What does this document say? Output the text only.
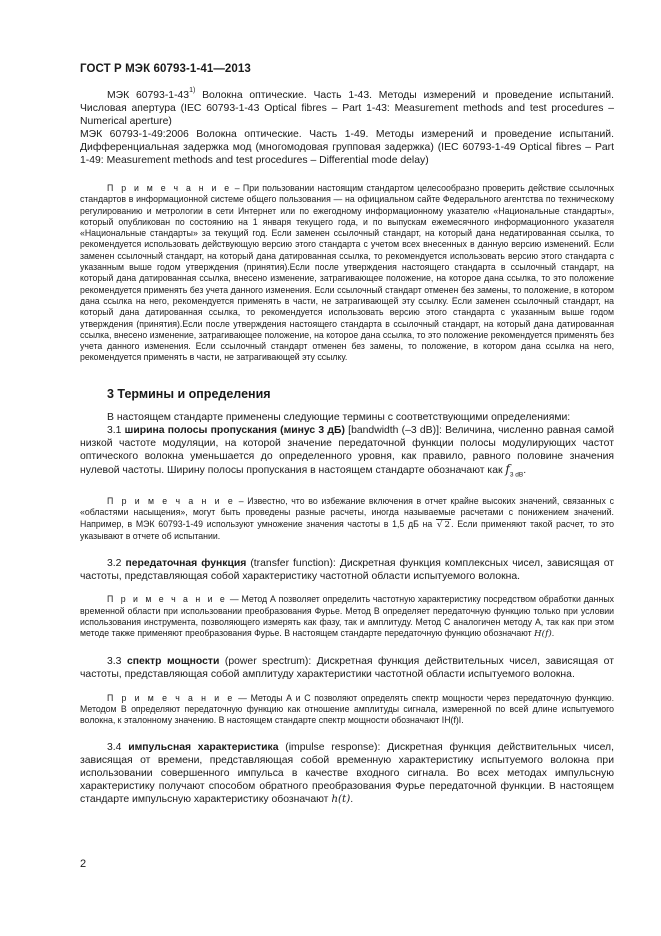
ГОСТ Р МЭК 60793-1-41—2013

МЭК 60793-1-43$^{1)}$ Волокна оптические. Часть 1-43. Методы измерений и проведение испытаний. Числовая апертура (IEC 60793-1-43 Optical fibres – Part 1-43: Measurement methods and test procedures – Numerical aperture)

МЭК 60793-1-49:2006 Волокна оптические. Часть 1-49. Методы измерений и проведение испытаний. Дифференциальная задержка мод (многомодовая групповая задержка) (IEC 60793-1-49 Optical fibres – Part 1-49: Measurement methods and test procedures – Differential mode delay)

П р и м е ч а н и е – При пользовании настоящим стандартом целесообразно проверить действие ссылочных стандартов в информационной системе общего пользования — на официальном сайте Федерального агентства по техническому регулированию и метрологии в сети Интернет или по ежегодному информационному указателю «Национальные стандарты», который опубликован по состоянию на 1 января текущего года, и по выпускам ежемесячного информационного указателя «Национальные стандарты» за текущий год. Если заменен ссылочный стандарт, на который дана недатированная ссылка, то рекомендуется использовать действующую версию этого стандарта с учетом всех внесенных в данную версию изменений. Если заменен ссылочный стандарт, на который дана датированная ссылка, то рекомендуется использовать версию этого стандарта с указанным выше годом утверждения (принятия).Если после утверждения настоящего стандарта в ссылочный стандарт, на который дана датированная ссылка, внесено изменение, затрагивающее положение, на которое дана ссылка, то это положение рекомендуется применять без учета данного изменения. Если ссылочный стандарт отменен без замены, то положение, в котором дана ссылка на него, рекомендуется применять в части, не затрагивающей эту ссылку. Если заменен ссылочный стандарт, на который дана датированная ссылка, то рекомендуется использовать версию этого стандарта с указанным выше годом утверждения (принятия).Если после утверждения настоящего стандарта в ссылочный стандарт, на который дана датированная ссылка, внесено изменение, затрагивающее положение, на которое дана ссылка, то это положение рекомендуется применять без учета данного изменения. Если ссылочный стандарт отменен без замены, то положение, в котором дана ссылка на него, рекомендуется применять в части, не затрагивающей эту ссылку.

3 Термины и определения

В настоящем стандарте применены следующие термины с соответствующими определениями:

3.1 ширина полосы пропускания (минус 3 дБ) [bandwidth (–3 dB)]: Величина, численно равная самой низкой частоте модуляции, на которой значение передаточной функции полосы модулирующих частот оптического волокна уменьшается до определенного уровня, как правило, равного половине значения нулевой частоты. Ширину полосы пропускания в настоящем стандарте обозначают как $f_{3 dB}$.

П р и м е ч а н и е – Известно, что во избежание включения в отчет крайне высоких значений, связанных с «областями насыщения», могут быть проведены разные расчеты, иногда называемые расчетами с понижением значений. Например, в МЭК 60793-1-49 используют умножение значения частоты в 1,5 дБ на √ 2. Если применяют такой расчет, то это указывают в отчете об испытании.

3.2 передаточная функция (transfer function): Дискретная функция комплексных чисел, зависящая от частоты, представляющая собой характеристику частотной области испытуемого волокна.

П р и м е ч а н и е — Метод А позволяет определить частотную характеристику посредством обработки данных временной области при использовании преобразования Фурье. Метод В определяет передаточную функцию только при условии использования инструмента, позволяющего измерять как фазу, так и амплитуду. Метод С аналогичен методу А, так как при этом методе также применяют преобразования Фурье. В настоящем стандарте передаточную функцию обозначают H(f).

3.3 спектр мощности (power spectrum): Дискретная функция действительных чисел, зависящая от частоты, представляющая собой амплитуду характеристики частотной области испытуемого волокна.

П р и м е ч а н и е — Методы А и С позволяют определять спектр мощности через передаточную функцию. Методом В определяют передаточную функцию как отношение амплитуды сигнала, измеренной по всей длине испытуемого волокна, к эталонному значению. В настоящем стандарте спектр мощности обозначают IH(f)I.

3.4 импульсная характеристика (impulse response): Дискретная функция действительных чисел, зависящая от времени, представляющая собой временную характеристику испытуемого волокна при использовании совершенного импульса в качестве входного сигнала. Во всех методах импульсную характеристику получают способом обратного преобразования Фурье передаточной функции. В настоящем стандарте импульсную характеристику обозначают h(t).

2
